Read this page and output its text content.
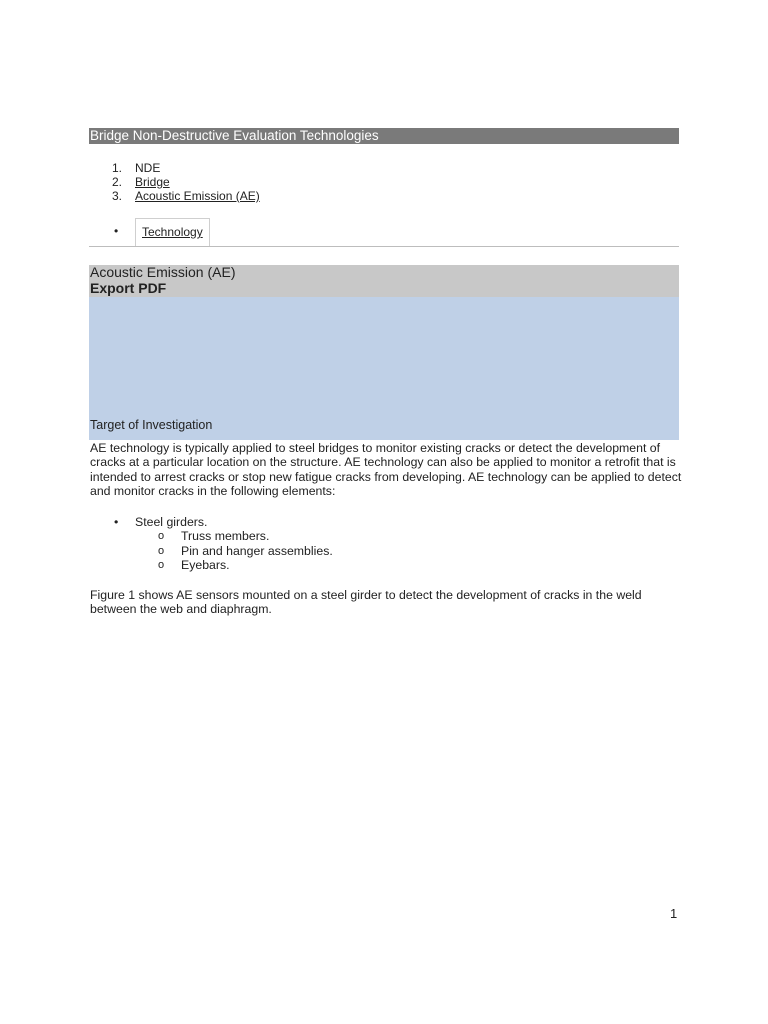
Bridge Non-Destructive Evaluation Technologies
1. NDE
2. Bridge
3. Acoustic Emission (AE)
•	Technology
Acoustic Emission (AE)
Export PDF
Target of Investigation

AE technology is typically applied to steel bridges to monitor existing cracks or detect the development of cracks at a particular location on the structure. AE technology can also be applied to monitor a retrofit that is intended to arrest cracks or stop new fatigue cracks from developing. AE technology can be applied to detect and monitor cracks in the following elements:

• Steel girders.
o Truss members.
o Pin and hanger assemblies.
o Eyebars.

Figure 1 shows AE sensors mounted on a steel girder to detect the development of cracks in the weld between the web and diaphragm.

1
